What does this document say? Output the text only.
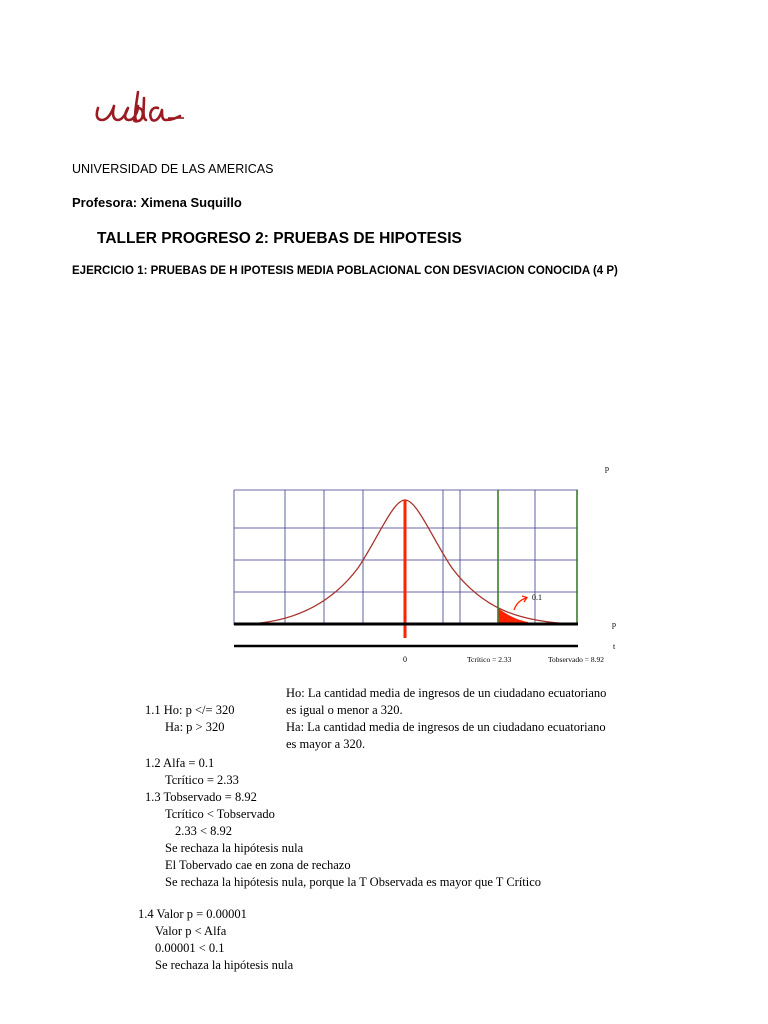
UNIVERSIDAD DE LAS AMERICAS
Profesora: Ximena Suquillo
TALLER PROGRESO 2: PRUEBAS DE HIPOTESIS
EJERCICIO 1: PRUEBAS DE H IPOTESIS MEDIA POBLACIONAL CON DESVIACION CONOCIDA (4 P)
0.1
p
p
t
0	Tcrítico = 2.33	Tobservado = 8.92
1.1 Ho: p </= 320
Ha: p > 320
Ho: La cantidad media de ingresos de un ciudadano ecuatoriano
es igual o menor a 320.
Ha: La cantidad media de ingresos de un ciudadano ecuatoriano
es mayor a 320.
1.2 Alfa = 0.1
Tcrítico = 2.33
1.3 Tobservado = 8.92
Tcrítico < Tobservado
2.33 < 8.92
Se rechaza la hipótesis nula
El Tobervado cae en zona de rechazo
Se rechaza la hipótesis nula, porque la T Observada es mayor que T Crítico
1.4 Valor p = 0.00001
Valor p < Alfa
0.00001 < 0.1
Se rechaza la hipótesis nula
